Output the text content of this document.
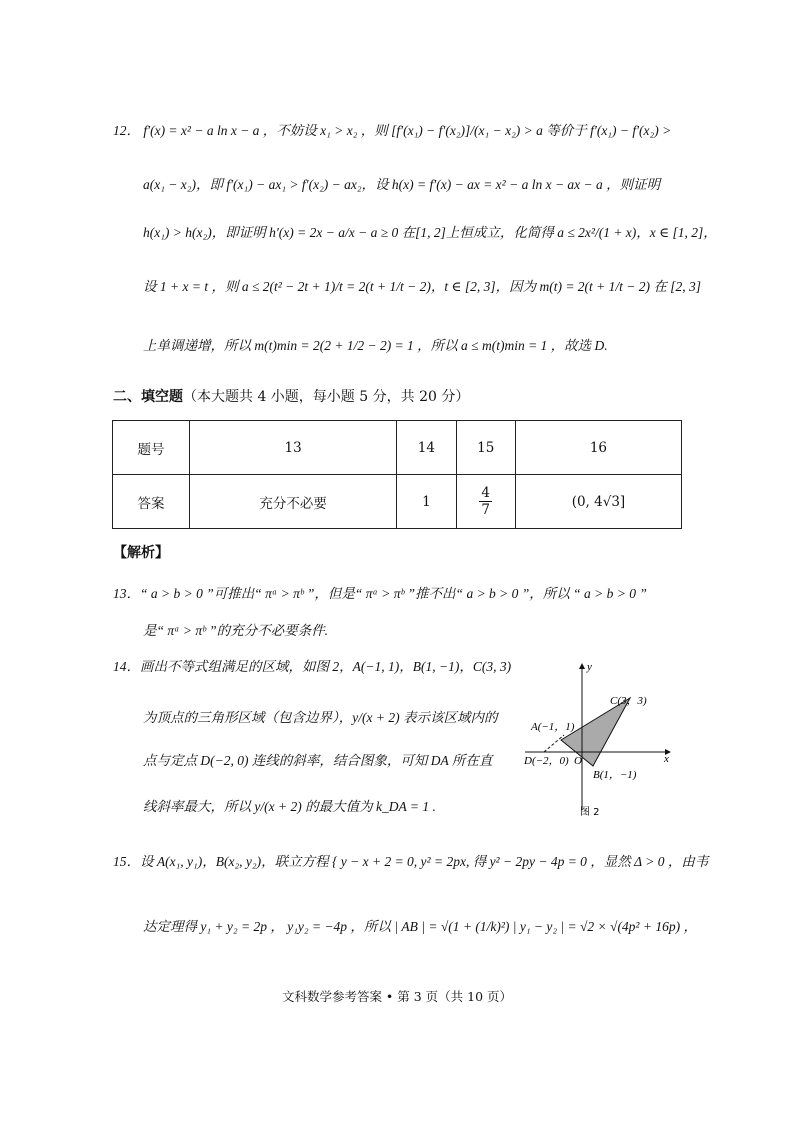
12． f′(x) = x² − a ln x − a ，不妨设 x₁ > x₂ ，则 [f′(x₁) − f′(x₂)]/(x₁ − x₂) > a 等价于 f′(x₁) − f′(x₂) >
a(x₁ − x₂)，即 f′(x₁) − ax₁ > f′(x₂) − ax₂，设 h(x) = f′(x) − ax = x² − a ln x − ax − a ，则证明
h(x₁) > h(x₂)，即证明 h′(x) = 2x − a/x − a ≥ 0 在[1, 2]上恒成立，化简得 a ≤ 2x²/(1 + x)，x ∈ [1, 2]，
设 1 + x = t ，则 a ≤ 2(t² − 2t + 1)/t = 2(t + 1/t − 2)，t ∈ [2, 3]，因为 m(t) = 2(t + 1/t − 2) 在 [2, 3]
上单调递增，所以 m(t)min = 2(2 + 1/2 − 2) = 1 ，所以 a ≤ m(t)min = 1 ，故选 D.
二、填空题（本大题共 4 小题，每小题 5 分，共 20 分）
题号	13	14	15	16
答案	充分不必要	1	$\frac{4}{7}$	(0, 4√3]
【解析】
13．“ a > b > 0 ”可推出“ πᵃ > πᵇ ”，但是“ πᵃ > πᵇ ”推不出“ a > b > 0 ”，所以 “ a > b > 0 ”
是“ πᵃ > πᵇ ”的充分不必要条件.
14．画出不等式组满足的区域，如图 2，A(−1, 1)，B(1, −1)，C(3, 3)
为顶点的三角形区域（包含边界），y/(x + 2) 表示该区域内的
点与定点 D(−2, 0) 连线的斜率，结合图象，可知 DA 所在直
线斜率最大，所以 y/(x + 2) 的最大值为 k_DA = 1 .
x
y
O
A(−1，1)
B(1，−1)
C(3，3)
D(−2，0)
图 2
15．设 A(x₁, y₁)，B(x₂, y₂)，联立方程 { y − x + 2 = 0, y² = 2px, 得 y² − 2py − 4p = 0 ，显然 Δ > 0 ，由韦
达定理得 y₁ + y₂ = 2p ， y₁y₂ = −4p ，所以 | AB | = √(1 + (1/k)²) | y₁ − y₂ | = √2 × √(4p² + 16p) ，
文科数学参考答案 • 第 3 页（共 10 页）
